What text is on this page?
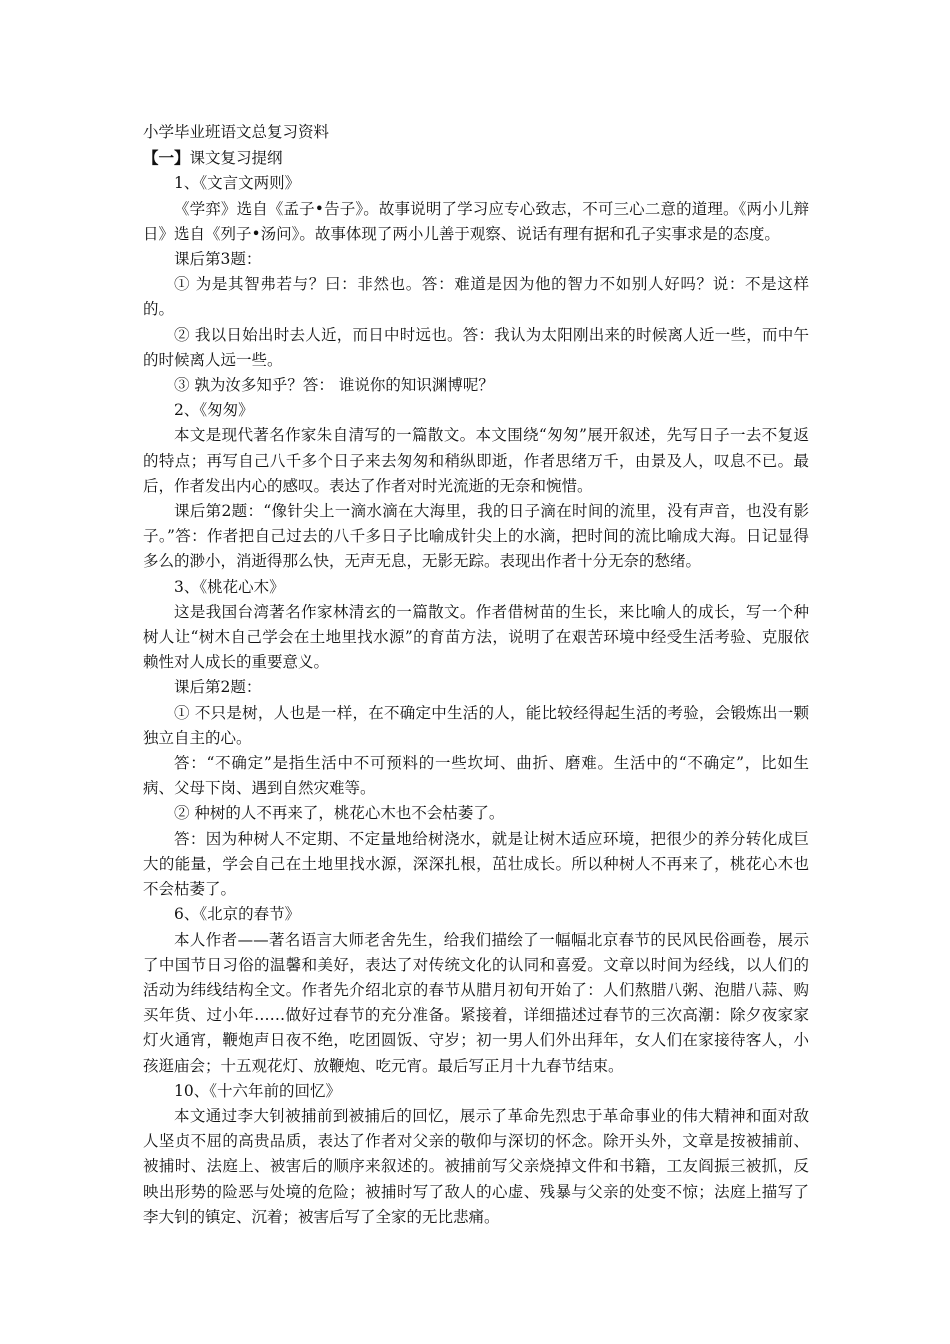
小学毕业班语文总复习资料

【一】课文复习提纲

1、《文言文两则》

《学弈》选自《孟子•告子》。故事说明了学习应专心致志，不可三心二意的道理。《两小儿辩日》选自《列子•汤问》。故事体现了两小儿善于观察、说话有理有据和孔子实事求是的态度。

课后第3题：

① 为是其智弗若与？曰：非然也。答：难道是因为他的智力不如别人好吗？说：不是这样的。

② 我以日始出时去人近，而日中时远也。答：我认为太阳刚出来的时候离人近一些，而中午的时候离人远一些。

③ 孰为汝多知乎？答： 谁说你的知识渊博呢？

2、《匆匆》

本文是现代著名作家朱自清写的一篇散文。本文围绕“匆匆”展开叙述，先写日子一去不复返的特点；再写自己八千多个日子来去匆匆和稍纵即逝，作者思绪万千，由景及人，叹息不已。最后，作者发出内心的感叹。表达了作者对时光流逝的无奈和惋惜。

课后第2题：“像针尖上一滴水滴在大海里，我的日子滴在时间的流里，没有声音，也没有影子。”答：作者把自己过去的八千多日子比喻成针尖上的水滴，把时间的流比喻成大海。日记显得多么的渺小，消逝得那么快，无声无息，无影无踪。表现出作者十分无奈的愁绪。

3、《桃花心木》

这是我国台湾著名作家林清玄的一篇散文。作者借树苗的生长，来比喻人的成长，写一个种树人让“树木自己学会在土地里找水源”的育苗方法，说明了在艰苦环境中经受生活考验、克服依赖性对人成长的重要意义。

课后第2题：

① 不只是树，人也是一样，在不确定中生活的人，能比较经得起生活的考验，会锻炼出一颗独立自主的心。

答：“不确定”是指生活中不可预料的一些坎坷、曲折、磨难。生活中的“不确定”，比如生病、父母下岗、遇到自然灾难等。

② 种树的人不再来了，桃花心木也不会枯萎了。

答：因为种树人不定期、不定量地给树浇水，就是让树木适应环境，把很少的养分转化成巨大的能量，学会自己在土地里找水源，深深扎根，茁壮成长。所以种树人不再来了，桃花心木也不会枯萎了。

6、《北京的春节》

本人作者——著名语言大师老舍先生，给我们描绘了一幅幅北京春节的民风民俗画卷，展示了中国节日习俗的温馨和美好，表达了对传统文化的认同和喜爱。文章以时间为经线，以人们的活动为纬线结构全文。作者先介绍北京的春节从腊月初旬开始了：人们熬腊八粥、泡腊八蒜、购买年货、过小年……做好过春节的充分准备。紧接着，详细描述过春节的三次高潮：除夕夜家家灯火通宵，鞭炮声日夜不绝，吃团圆饭、守岁；初一男人们外出拜年，女人们在家接待客人，小孩逛庙会；十五观花灯、放鞭炮、吃元宵。最后写正月十九春节结束。

10、《十六年前的回忆》

本文通过李大钊被捕前到被捕后的回忆，展示了革命先烈忠于革命事业的伟大精神和面对敌人坚贞不屈的高贵品质，表达了作者对父亲的敬仰与深切的怀念。除开头外，文章是按被捕前、被捕时、法庭上、被害后的顺序来叙述的。被捕前写父亲烧掉文件和书籍，工友阎振三被抓，反映出形势的险恶与处境的危险；被捕时写了敌人的心虚、残暴与父亲的处变不惊；法庭上描写了李大钊的镇定、沉着；被害后写了全家的无比悲痛。
